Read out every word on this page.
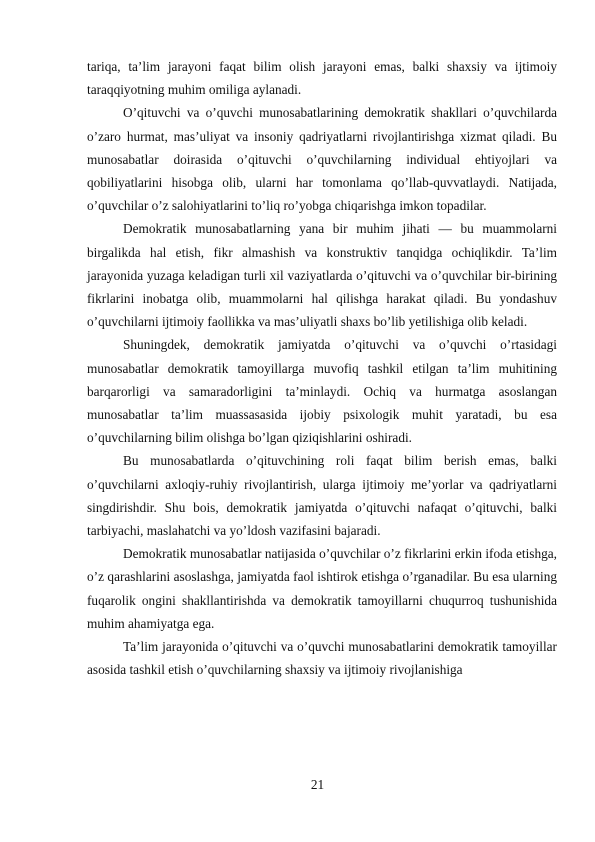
tariqa, ta’lim jarayoni faqat bilim olish jarayoni emas, balki shaxsiy va ijtimoiy taraqqiyotning muhim omiliga aylanadi.

O’qituvchi va o’quvchi munosabatlarining demokratik shakllari o’quvchilarda o’zaro hurmat, mas’uliyat va insoniy qadriyatlarni rivojlantirishga xizmat qiladi. Bu munosabatlar doirasida o’qituvchi o’quvchilarning individual ehtiyojlari va qobiliyatlarini hisobga olib, ularni har tomonlama qo’llab-quvvatlaydi. Natijada, o’quvchilar o’z salohiyatlarini to’liq ro’yobga chiqarishga imkon topadilar.

Demokratik munosabatlarning yana bir muhim jihati — bu muammolarni birgalikda hal etish, fikr almashish va konstruktiv tanqidga ochiqlikdir. Ta’lim jarayonida yuzaga keladigan turli xil vaziyatlarda o’qituvchi va o’quvchilar bir-birining fikrlarini inobatga olib, muammolarni hal qilishga harakat qiladi. Bu yondashuv o’quvchilarni ijtimoiy faollikka va mas’uliyatli shaxs bo’lib yetilishiga olib keladi.

Shuningdek, demokratik jamiyatda o’qituvchi va o’quvchi o’rtasidagi munosabatlar demokratik tamoyillarga muvofiq tashkil etilgan ta’lim muhitining barqarorligi va samaradorligini ta’minlaydi. Ochiq va hurmatga asoslangan munosabatlar ta’lim muassasasida ijobiy psixologik muhit yaratadi, bu esa o’quvchilarning bilim olishga bo’lgan qiziqishlarini oshiradi.

Bu munosabatlarda o’qituvchining roli faqat bilim berish emas, balki o’quvchilarni axloqiy-ruhiy rivojlantirish, ularga ijtimoiy me’yorlar va qadriyatlarni singdirishdir. Shu bois, demokratik jamiyatda o’qituvchi nafaqat o’qituvchi, balki tarbiyachi, maslahatchi va yo’ldosh vazifasini bajaradi.

Demokratik munosabatlar natijasida o’quvchilar o’z fikrlarini erkin ifoda etishga, o’z qarashlarini asoslashga, jamiyatda faol ishtirok etishga o’rganadilar. Bu esa ularning fuqarolik ongini shakllantirishda va demokratik tamoyillarni chuqurroq tushunishida muhim ahamiyatga ega.

Ta’lim jarayonida o’qituvchi va o’quvchi munosabatlarini demokratik tamoyillar asosida tashkil etish o’quvchilarning shaxsiy va ijtimoiy rivojlanishiga

21
